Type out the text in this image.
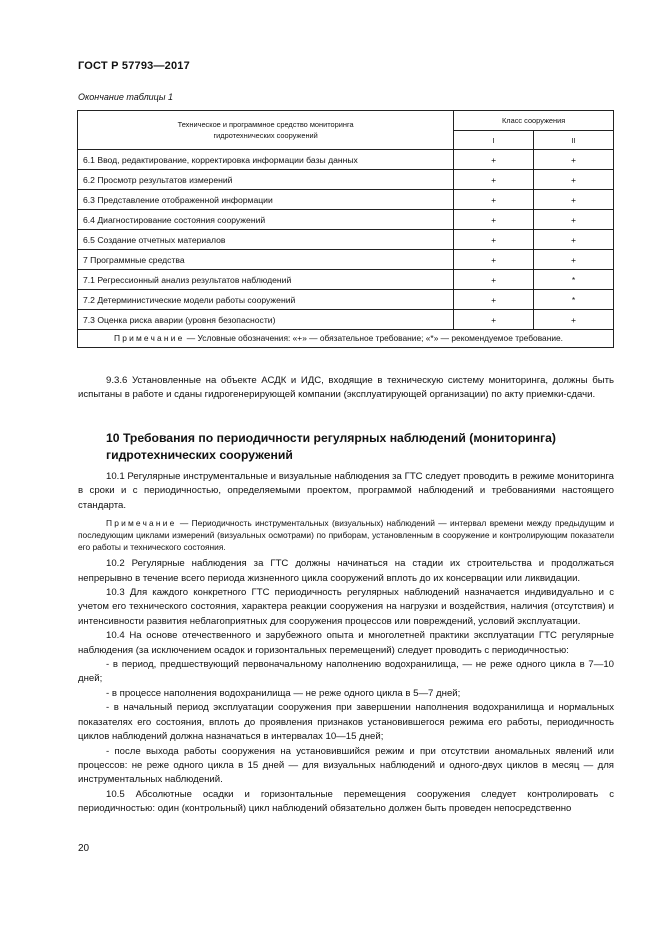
ГОСТ Р 57793—2017
Окончание таблицы 1
Техническое и программное средство мониторинга
гидротехнических сооружений	Класс сооружения	
	I	II
6.1 Ввод, редактирование, корректировка информации базы данных	+	+
6.2 Просмотр результатов измерений	+	+
6.3 Представление отображенной информации	+	+
6.4 Диагностирование состояния сооружений	+	+
6.5 Создание отчетных материалов	+	+
7 Программные средства	+	+
7.1 Регрессионный анализ результатов наблюдений	+	*
7.2 Детерминистические модели работы сооружений	+	*
7.3 Оценка риска аварии (уровня безопасности)	+	+
Примечание — Условные обозначения: «+» — обязательное требование; «*» — рекомендуемое требование.		

9.3.6 Установленные на объекте АСДК и ИДС, входящие в техническую систему мониторинга, должны быть испытаны в работе и сданы гидрогенерирующей компании (эксплуатирующей организации) по акту приемки-сдачи.

10 Требования по периодичности регулярных наблюдений (мониторинга) гидротехнических сооружений

10.1 Регулярные инструментальные и визуальные наблюдения за ГТС следует проводить в режиме мониторинга в сроки и с периодичностью, определяемыми проектом, программой наблюдений и требованиями настоящего стандарта.

Примечание — Периодичность инструментальных (визуальных) наблюдений — интервал времени между предыдущим и последующим циклами измерений (визуальных осмотрами) по приборам, установленным в сооружение и контролирующим показатели его работы и технического состояния.

10.2 Регулярные наблюдения за ГТС должны начинаться на стадии их строительства и продолжаться непрерывно в течение всего периода жизненного цикла сооружений вплоть до их консервации или ликвидации.

10.3 Для каждого конкретного ГТС периодичность регулярных наблюдений назначается индивидуально и с учетом его технического состояния, характера реакции сооружения на нагрузки и воздействия, наличия (отсутствия) и интенсивности развития неблагоприятных для сооружения процессов или повреждений, условий эксплуатации.

10.4 На основе отечественного и зарубежного опыта и многолетней практики эксплуатации ГТС регулярные наблюдения (за исключением осадок и горизонтальных перемещений) следует проводить с периодичностью:

- в период, предшествующий первоначальному наполнению водохранилища, — не реже одного цикла в 7—10 дней;

- в процессе наполнения водохранилища — не реже одного цикла в 5—7 дней;

- в начальный период эксплуатации сооружения при завершении наполнения водохранилища и нормальных показателях его состояния, вплоть до проявления признаков установившегося режима его работы, периодичность циклов наблюдений должна назначаться в интервалах 10—15 дней;

- после выхода работы сооружения на установившийся режим и при отсутствии аномальных явлений или процессов: не реже одного цикла в 15 дней — для визуальных наблюдений и одного-двух циклов в месяц — для инструментальных наблюдений.

10.5 Абсолютные осадки и горизонтальные перемещения сооружения следует контролировать с периодичностью: один (контрольный) цикл наблюдений обязательно должен быть проведен непосредственно

20
